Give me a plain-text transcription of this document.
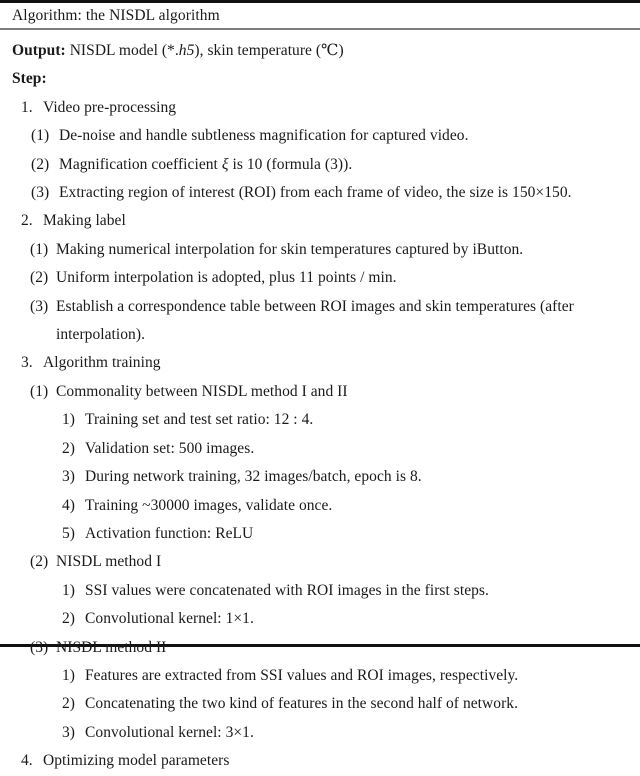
Algorithm: the NISDL algorithm
Output: NISDL model (*.h5), skin temperature (℃)
Step:
1. Video pre-processing
(1) De-noise and handle subtleness magnification for captured video.
(2) Magnification coefficient ξ is 10 (formula (3)).
(3) Extracting region of interest (ROI) from each frame of video, the size is 150×150.
2. Making label
(1) Making numerical interpolation for skin temperatures captured by iButton.
(2) Uniform interpolation is adopted, plus 11 points / min.
(3) Establish a correspondence table between ROI images and skin temperatures (after
interpolation).
3. Algorithm training
(1) Commonality between NISDL method I and II
1) Training set and test set ratio: 12 : 4.
2) Validation set: 500 images.
3) During network training, 32 images/batch, epoch is 8.
4) Training ~30000 images, validate once.
5) Activation function: ReLU
(2) NISDL method I
1) SSI values were concatenated with ROI images in the first steps.
2) Convolutional kernel: 1×1.
(3) NISDL method II
1) Features are extracted from SSI values and ROI images, respectively.
2) Concatenating the two kind of features in the second half of network.
3) Convolutional kernel: 3×1.
4. Optimizing model parameters
